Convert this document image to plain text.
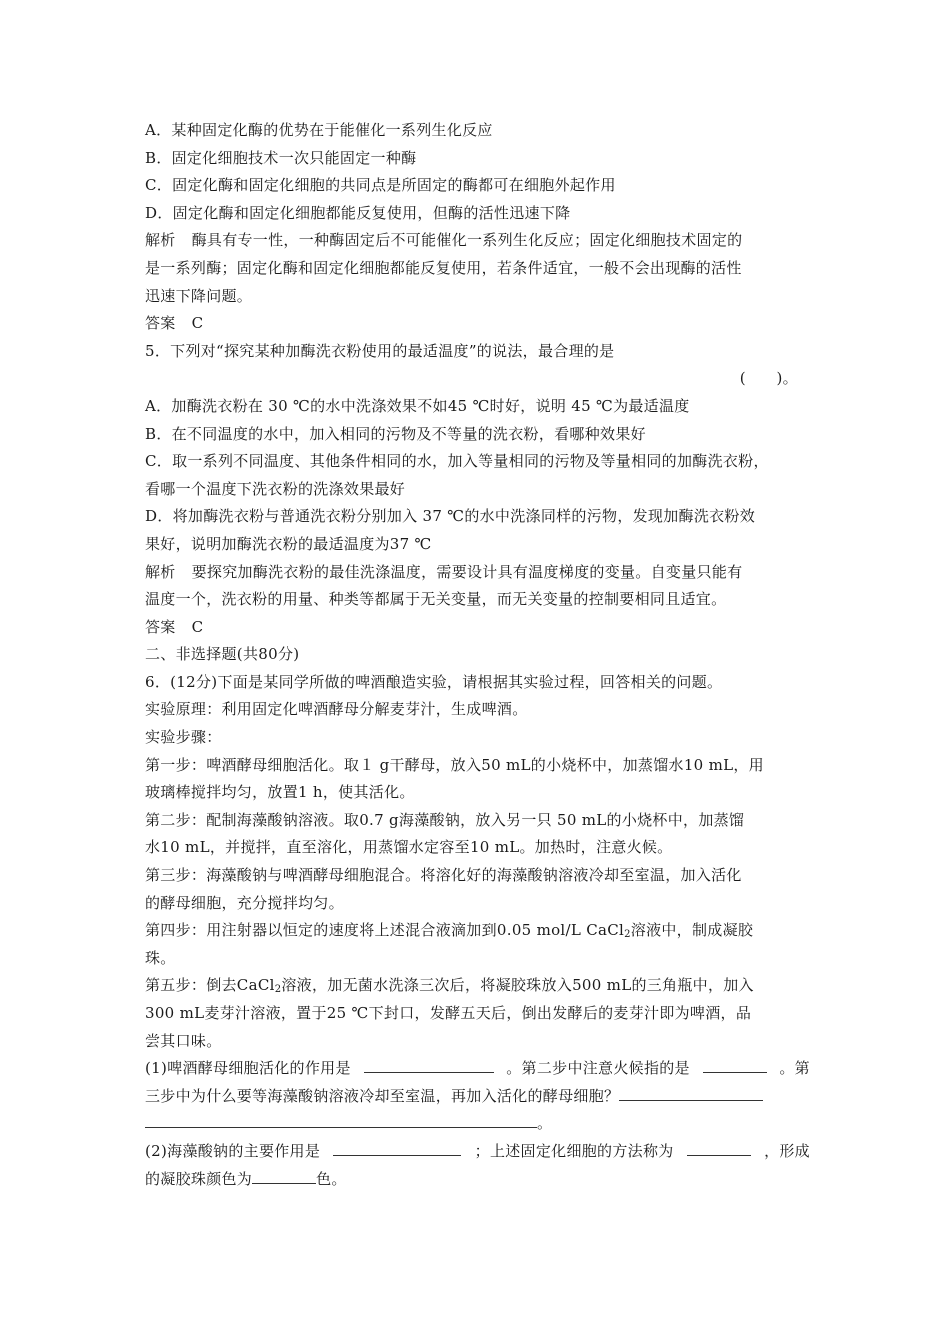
A．某种固定化酶的优势在于能催化一系列生化反应
B．固定化细胞技术一次只能固定一种酶
C．固定化酶和固定化细胞的共同点是所固定的酶都可在细胞外起作用
D．固定化酶和固定化细胞都能反复使用，但酶的活性迅速下降
解析 酶具有专一性，一种酶固定后不可能催化一系列生化反应；固定化细胞技术固定的
是一系列酶；固定化酶和固定化细胞都能反复使用，若条件适宜，一般不会出现酶的活性
迅速下降问题。
答案 C
5．下列对“探究某种加酶洗衣粉使用的最适温度”的说法，最合理的是
(　　)。
A．加酶洗衣粉在 30 ℃的水中洗涤效果不如45 ℃时好，说明 45 ℃为最适温度
B．在不同温度的水中，加入相同的污物及不等量的洗衣粉，看哪种效果好
C．取一系列不同温度、其他条件相同的水，加入等量相同的污物及等量相同的加酶洗衣粉，
看哪一个温度下洗衣粉的洗涤效果最好
D．将加酶洗衣粉与普通洗衣粉分别加入 37 ℃的水中洗涤同样的污物，发现加酶洗衣粉效
果好，说明加酶洗衣粉的最适温度为37 ℃
解析 要探究加酶洗衣粉的最佳洗涤温度，需要设计具有温度梯度的变量。自变量只能有
温度一个，洗衣粉的用量、种类等都属于无关变量，而无关变量的控制要相同且适宜。
答案 C
二、非选择题(共80分)
6．(12分)下面是某同学所做的啤酒酿造实验，请根据其实验过程，回答相关的问题。
实验原理：利用固定化啤酒酵母分解麦芽汁，生成啤酒。
实验步骤：
第一步：啤酒酵母细胞活化。取１ g干酵母，放入50 mL的小烧杯中，加蒸馏水10 mL，用
玻璃棒搅拌均匀，放置1 h，使其活化。
第二步：配制海藻酸钠溶液。取0.7 g海藻酸钠，放入另一只 50 mL的小烧杯中，加蒸馏
水10 mL，并搅拌，直至溶化，用蒸馏水定容至10 mL。加热时，注意火候。
第三步：海藻酸钠与啤酒酵母细胞混合。将溶化好的海藻酸钠溶液冷却至室温，加入活化
的酵母细胞，充分搅拌均匀。
第四步：用注射器以恒定的速度将上述混合液滴加到0.05 mol/L CaCl$_2$溶液中，制成凝胶
珠。
第五步：倒去CaCl$_2$溶液，加无菌水洗涤三次后，将凝胶珠放入500 mL的三角瓶中，加入
300 mL麦芽汁溶液，置于25 ℃下封口，发酵五天后，倒出发酵后的麦芽汁即为啤酒，品
尝其口味。
(1)啤酒酵母细胞活化的作用是	。第二步中注意火候指的是	。第
三步中为什么要等海藻酸钠溶液冷却至室温，再加入活化的酵母细胞？
。
(2)海藻酸钠的主要作用是	；上述固定化细胞的方法称为	，形成
的凝胶珠颜色为	色。
